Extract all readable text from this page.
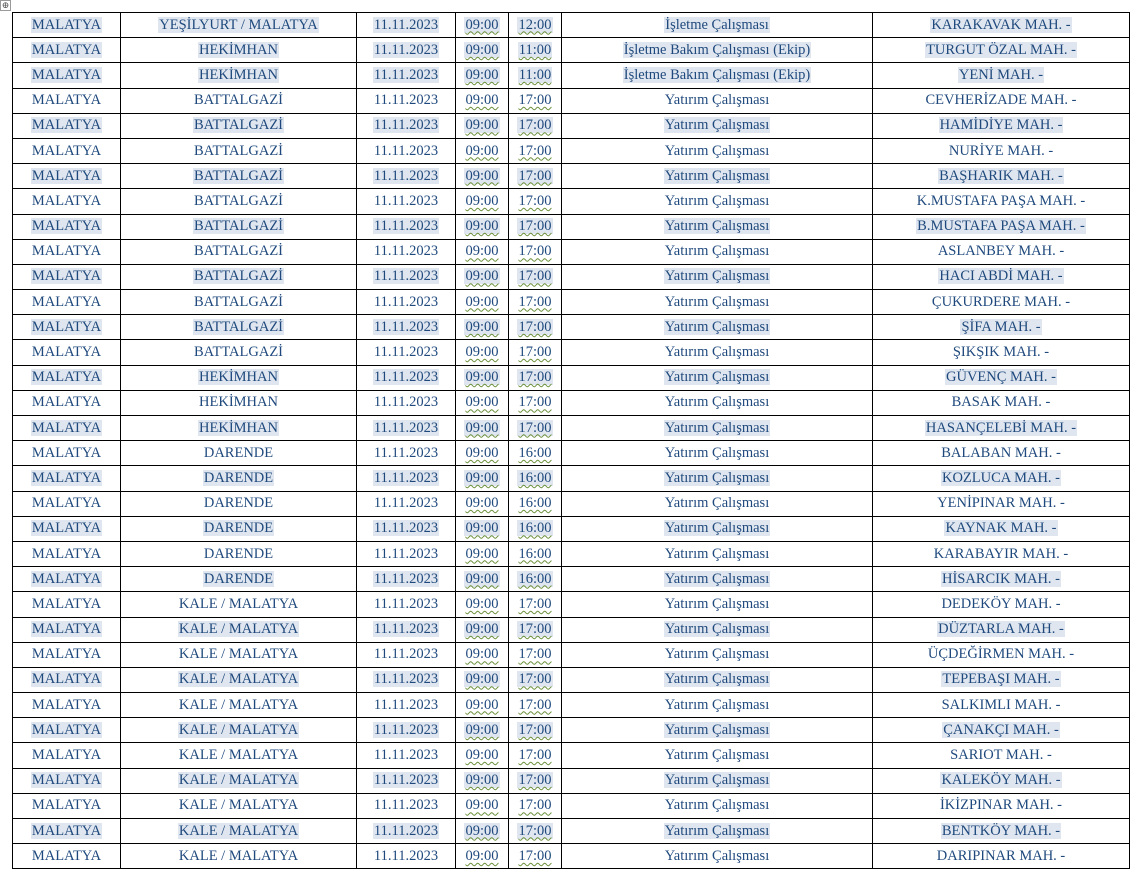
⊕
MALATYA	YEŞİLYURT / MALATYA	11.11.2023	09:00	12:00	İşletme Çalışması	KARAKAVAK MAH. -
MALATYA	HEKİMHAN	11.11.2023	09:00	11:00	İşletme Bakım Çalışması (Ekip)	TURGUT ÖZAL MAH. -
MALATYA	HEKİMHAN	11.11.2023	09:00	11:00	İşletme Bakım Çalışması (Ekip)	YENİ MAH. -
MALATYA	BATTALGAZİ	11.11.2023	09:00	17:00	Yatırım Çalışması	CEVHERİZADE MAH. -
MALATYA	BATTALGAZİ	11.11.2023	09:00	17:00	Yatırım Çalışması	HAMİDİYE MAH. -
MALATYA	BATTALGAZİ	11.11.2023	09:00	17:00	Yatırım Çalışması	NURİYE MAH. -
MALATYA	BATTALGAZİ	11.11.2023	09:00	17:00	Yatırım Çalışması	BAŞHARIK MAH. -
MALATYA	BATTALGAZİ	11.11.2023	09:00	17:00	Yatırım Çalışması	K.MUSTAFA PAŞA MAH. -
MALATYA	BATTALGAZİ	11.11.2023	09:00	17:00	Yatırım Çalışması	B.MUSTAFA PAŞA MAH. -
MALATYA	BATTALGAZİ	11.11.2023	09:00	17:00	Yatırım Çalışması	ASLANBEY MAH. -
MALATYA	BATTALGAZİ	11.11.2023	09:00	17:00	Yatırım Çalışması	HACI ABDİ MAH. -
MALATYA	BATTALGAZİ	11.11.2023	09:00	17:00	Yatırım Çalışması	ÇUKURDERE MAH. -
MALATYA	BATTALGAZİ	11.11.2023	09:00	17:00	Yatırım Çalışması	ŞİFA MAH. -
MALATYA	BATTALGAZİ	11.11.2023	09:00	17:00	Yatırım Çalışması	ŞIKŞIK MAH. -
MALATYA	HEKİMHAN	11.11.2023	09:00	17:00	Yatırım Çalışması	GÜVENÇ MAH. -
MALATYA	HEKİMHAN	11.11.2023	09:00	17:00	Yatırım Çalışması	BASAK MAH. -
MALATYA	HEKİMHAN	11.11.2023	09:00	17:00	Yatırım Çalışması	HASANÇELEBİ MAH. -
MALATYA	DARENDE	11.11.2023	09:00	16:00	Yatırım Çalışması	BALABAN MAH. -
MALATYA	DARENDE	11.11.2023	09:00	16:00	Yatırım Çalışması	KOZLUCA MAH. -
MALATYA	DARENDE	11.11.2023	09:00	16:00	Yatırım Çalışması	YENİPINAR MAH. -
MALATYA	DARENDE	11.11.2023	09:00	16:00	Yatırım Çalışması	KAYNAK MAH. -
MALATYA	DARENDE	11.11.2023	09:00	16:00	Yatırım Çalışması	KARABAYIR MAH. -
MALATYA	DARENDE	11.11.2023	09:00	16:00	Yatırım Çalışması	HİSARCIK MAH. -
MALATYA	KALE / MALATYA	11.11.2023	09:00	17:00	Yatırım Çalışması	DEDEKÖY MAH. -
MALATYA	KALE / MALATYA	11.11.2023	09:00	17:00	Yatırım Çalışması	DÜZTARLA MAH. -
MALATYA	KALE / MALATYA	11.11.2023	09:00	17:00	Yatırım Çalışması	ÜÇDEĞİRMEN MAH. -
MALATYA	KALE / MALATYA	11.11.2023	09:00	17:00	Yatırım Çalışması	TEPEBAŞI MAH. -
MALATYA	KALE / MALATYA	11.11.2023	09:00	17:00	Yatırım Çalışması	SALKIMLI MAH. -
MALATYA	KALE / MALATYA	11.11.2023	09:00	17:00	Yatırım Çalışması	ÇANAKÇI MAH. -
MALATYA	KALE / MALATYA	11.11.2023	09:00	17:00	Yatırım Çalışması	SARIOT MAH. -
MALATYA	KALE / MALATYA	11.11.2023	09:00	17:00	Yatırım Çalışması	KALEKÖY MAH. -
MALATYA	KALE / MALATYA	11.11.2023	09:00	17:00	Yatırım Çalışması	İKİZPINAR MAH. -
MALATYA	KALE / MALATYA	11.11.2023	09:00	17:00	Yatırım Çalışması	BENTKÖY MAH. -
MALATYA	KALE / MALATYA	11.11.2023	09:00	17:00	Yatırım Çalışması	DARIPINAR MAH. -
